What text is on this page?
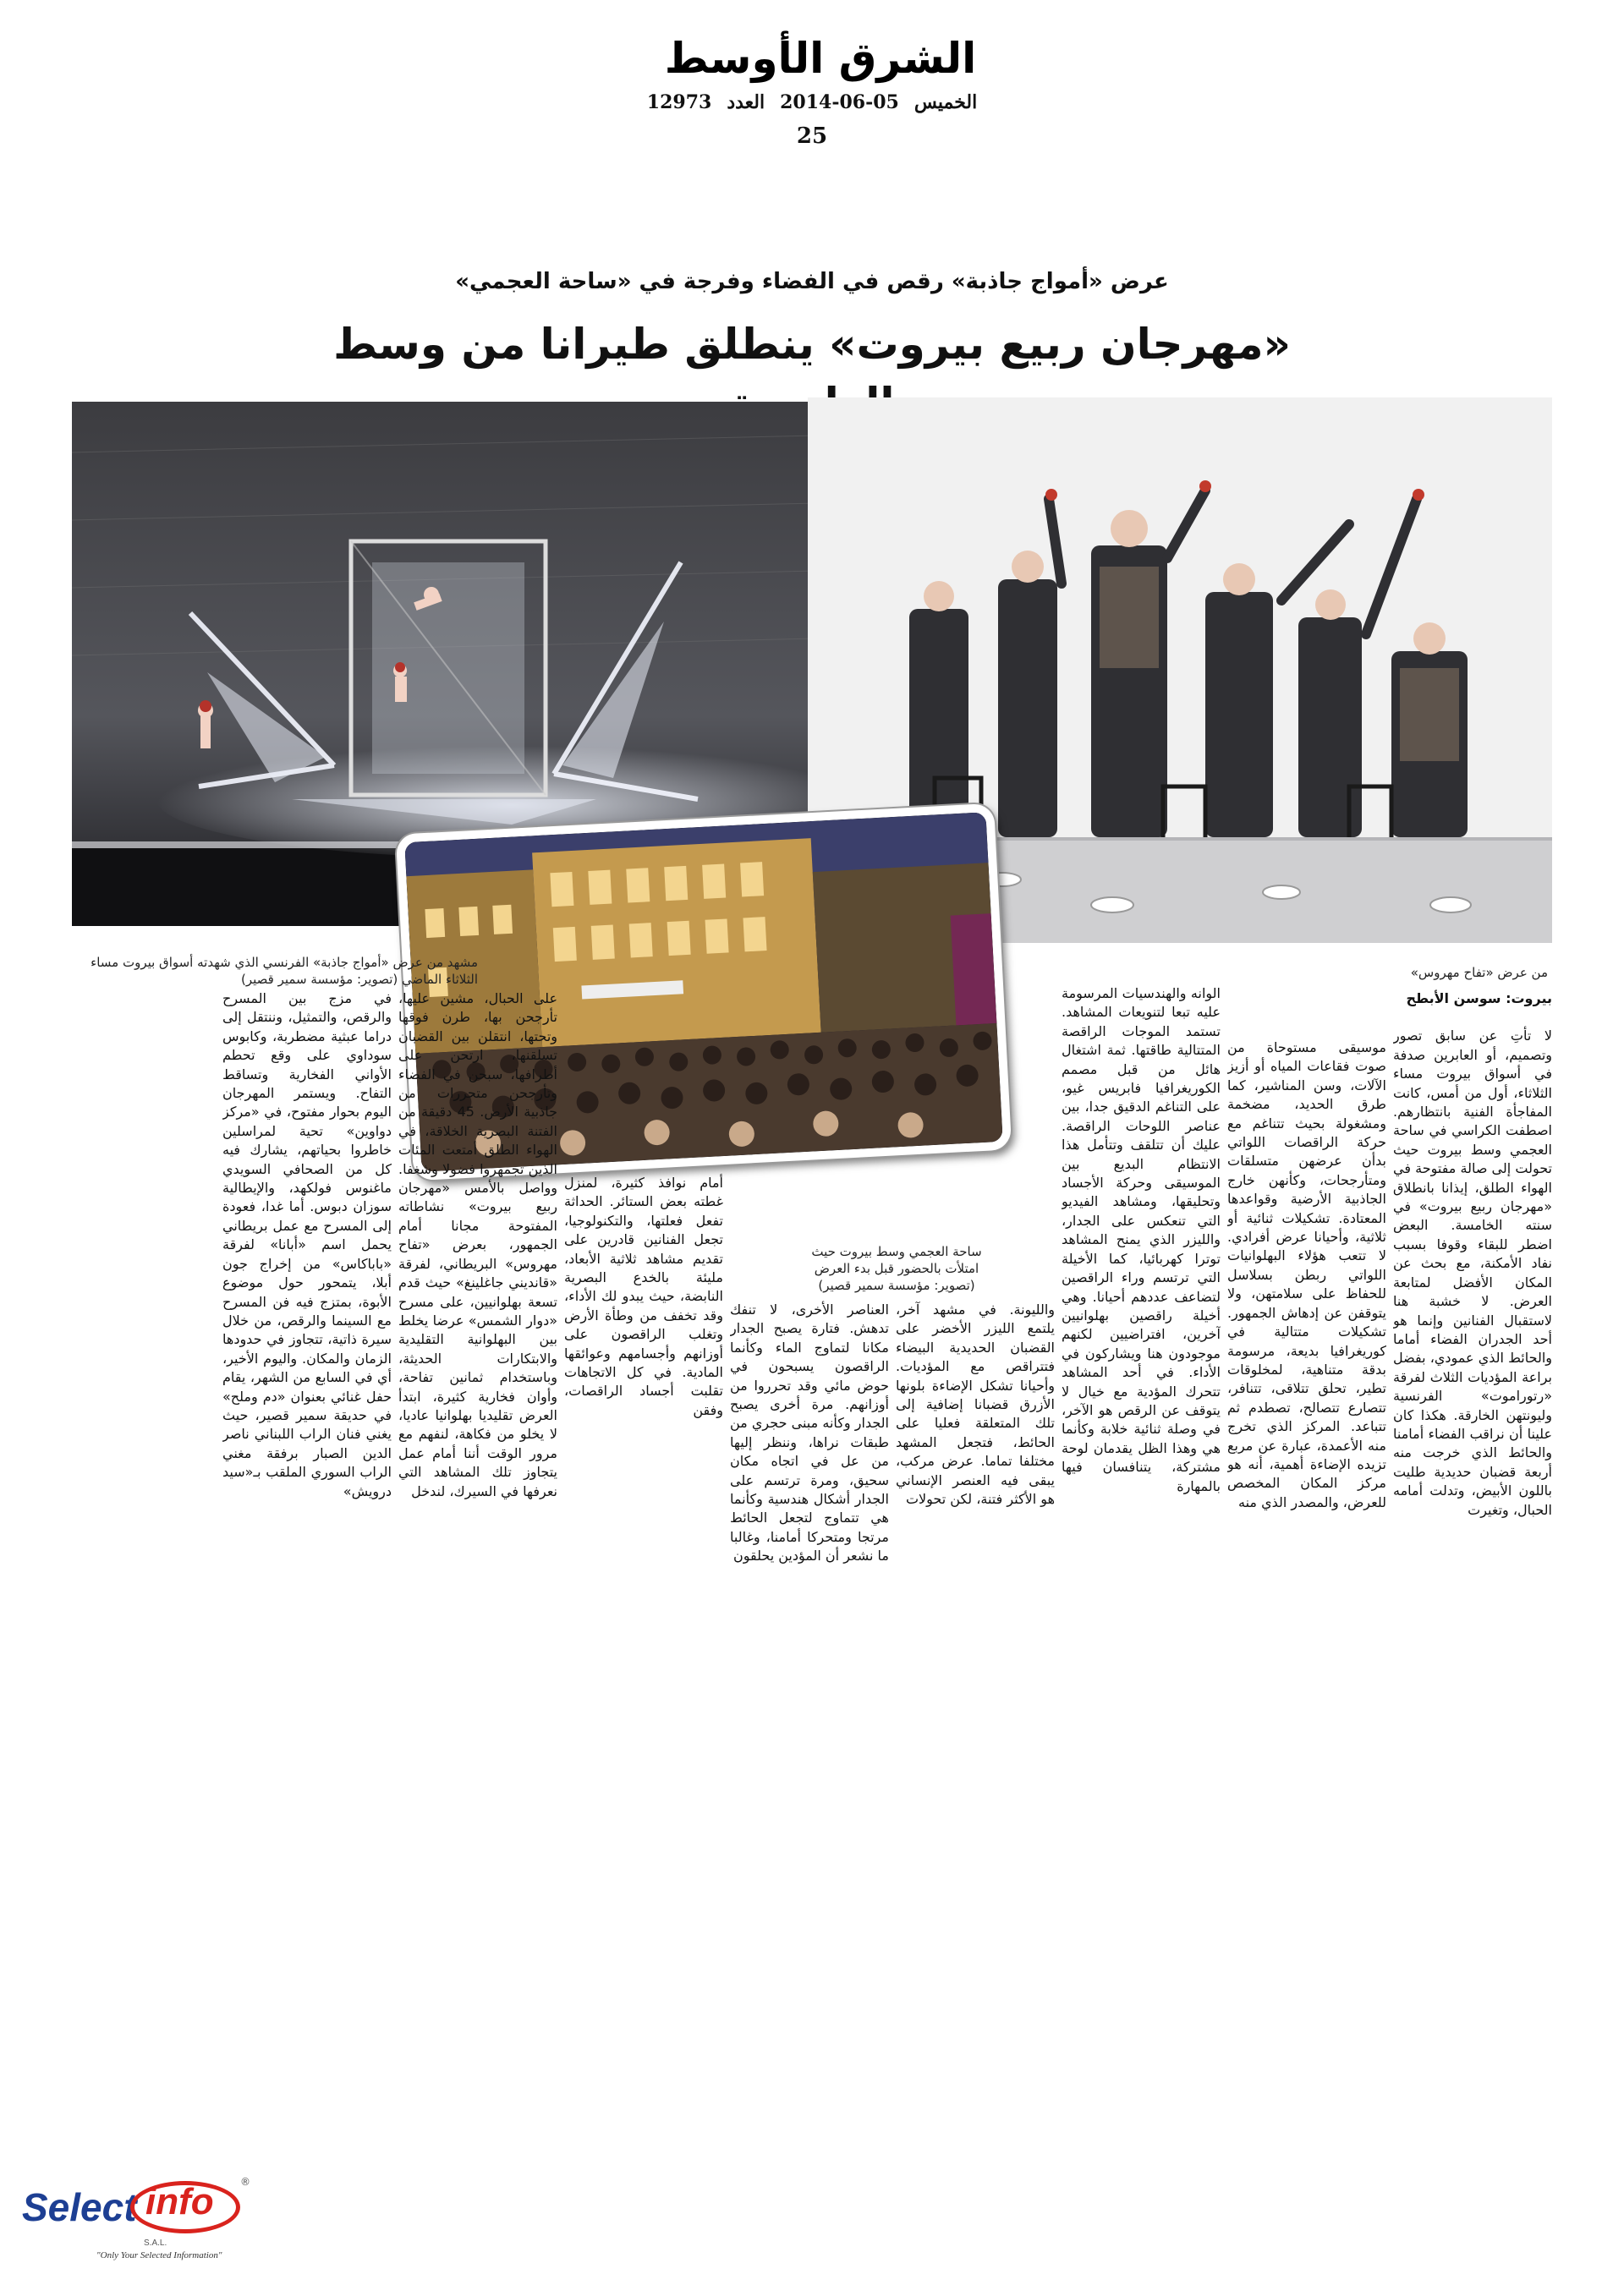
الشرق الأوسط
الخميس
2014-06-05
العدد
12973
25
عرض «أمواج جاذبة» رقص في الفضاء وفرجة في «ساحة العجمي»
«مهرجان ربيع بيروت» ينطلق طيرانا من وسط
مشهد من عرض «أمواج جاذبة» الفرنسي الذي شهدته أسواق بيروت مساء الثلاثاء الماضي (تصوير: مؤسسة سمير قصير)	من عرض «تفاح مهروس»
ساحة العجمي وسط بيروت حيث امتلأت بالحضور قبل بدء العرض (تصوير: مؤسسة سمير قصير)
بيروت: سوسن الأبطح
لا تأتِ عن سابق تصور وتصميم، أو العابرين صدفة في أسواق بيروت مساء الثلاثاء، أول من أمس، كانت المفاجأة الفنية بانتظارهم. اصطفت الكراسي في ساحة العجمي وسط بيروت حيث تحولت إلى صالة مفتوحة في الهواء الطلق، إيذانا بانطلاق «مهرجان ربيع بيروت» في سنته الخامسة. البعض اضطر للبقاء وقوفا بسبب نفاد الأمكنة، مع بحث عن المكان الأفضل لمتابعة العرض. لا خشبة هنا لاستقبال الفنانين وإنما هو أحد الجدران الفضاء أماما والحائط الذي عمودي، بفضل براعة المؤديات الثلاث لفرقة «رتوراموت» الفرنسية وليونتهن الخارقة. هكذا كان علينا أن نراقب الفضاء أمامنا والحائط الذي خرجت منه أربعة قضبان حديدية طليت باللون الأبيض، وتدلت أمامه الحبال، وتغيرت
موسيقى مستوحاة من صوت فقاعات المياه أو أزيز الآلات، وسن المناشير، كما طرق الحديد، مضخمة ومشغولة بحيث تتناغم مع حركة الراقصات اللواتي بدأن عرضهن متسلقات ومتأرجحات، وكأنهن خارج الجاذبية الأرضية وقواعدها المعتادة. تشكيلات ثنائية أو ثلاثية، وأحيانا عرض أفرادي. لا تتعب هؤلاء البهلوانيات اللواتي ربطن بسلاسل للحفاظ على سلامتهن، ولا يتوقفن عن إدهاش الجمهور. تشكيلات متتالية في كوريغرافيا بديعة، مرسومة بدقة متناهية، لمخلوقات تطير، تحلق تتلاقى، تتنافر، تتصارع تتصالح، تصطدم ثم تتباعد. المركز الذي تخرج منه الأعمدة، عبارة عن مربع تزيده الإضاءة أهمية، أنه هو مركز المكان المخصص للعرض، والمصدر الذي منه
الوانه والهندسيات المرسومة عليه تبعا لتنويعات المشاهد. تستمد الموجات الراقصة المتتالية طاقتها. ثمة اشتغال هائل من قبل مصمم الكوريغرافيا فابريس غيو، على التناغم الدقيق جدا، بين عناصر اللوحات الراقصة. عليك أن تتلقف وتتأمل هذا الانتظام البديع بين الموسيقى وحركة الأجساد وتحليقها، ومشاهد الفيديو التي تنعكس على الجدار، والليزر الذي يمنح المشاهد توترا كهربائيا، كما الأخيلة التي ترتسم وراء الراقصين لتضاعف عددهم أحيانا. وهي أخيلة راقصين بهلوانيين آخرين، افتراضيين لكنهم موجودون هنا ويشاركون في الأداء. في أحد المشاهد تتحرك المؤدية مع خيال لا يتوقف عن الرقص هو الآخر، في وصلة ثنائية خلابة وكأنما هي وهذا الظل يقدمان لوحة مشتركة، يتنافسان فيها بالمهارة
والليونة. في مشهد آخر، يلتمع الليزر الأخضر على القضبان الحديدية البيضاء فتتراقص مع المؤديات. وأحيانا تشكل الإضاءة بلونها الأزرق قضبانا إضافية إلى تلك المتعلقة فعليا على الحائط، فتجعل المشهد مختلفا تماما. عرض مركب، يبقى فيه العنصر الإنساني هو الأكثر فتنة، لكن تحولات
العناصر الأخرى، لا تنفك تدهش. فتارة يصبح الجدار مكانا لتماوج الماء وكأنما الراقصون يسبحون في حوض مائي وقد تحرروا من أوزانهم. مرة أخرى يصبح الجدار وكأنه مبنى حجري من طبقات نراها، وننظر إليها من عل في اتجاه مكان سحيق، ومرة ترتسم على الجدار أشكال هندسية وكأنما هي تتماوج لتجعل الحائط مرتجا ومتحركا أمامنا، وغالبا ما نشعر أن المؤدين يحلقون
أمام نوافذ كثيرة، لمنزل غطته بعض الستائر. الحداثة تفعل فعلتها، والتكنولوجيا، تجعل الفنانين قادرين على تقديم مشاهد ثلاثية الأبعاد، مليئة بالخدع البصرية النابضة، حيث يبدو لك الأداء، وقد تخفف من وطأة الأرض وتغلب الراقصون على أوزانهم وأجسامهم وعوائقها المادية. في كل الاتجاهات تقلبت أجساد الراقصات، وفقن
على الحبال، مشين عليها، تأرجحن بها، طرن فوقها وتحتها، انتقلن بين القضبان تسلقنها، ارتحن على أطرافها، سبحن في الفضاء وتأرجحن متحررات من جاذبية الأرض. 45 دقيقة من الفتنة البصرية الخلاقة، في الهواء الطلق أمتعت المئات الذين تجمهروا فضولا وشغفا. وواصل بالأمس «مهرجان ربيع بيروت» نشاطاته المفتوحة مجانا أمام الجمهور، بعرض «تفاح مهروس» البريطاني، لفرقة «قانديني جاغلينغ» حيث قدم تسعة بهلوانيين، على مسرح «دوار الشمس» عرضا يخلط بين البهلوانية التقليدية والابتكارات الحديثة، وباستخدام ثمانين تفاحة، وأوان فخارية كثيرة، ابتدأ العرض تقليديا بهلوانيا عاديا، لا يخلو من فكاهة، لنفهم مع مرور الوقت أننا أمام عمل يتجاوز تلك المشاهد التي نعرفها في السيرك، لندخل
في مزج بين المسرح والرقص، والتمثيل، وننتقل إلى دراما عبثية مضطربة، وكابوس سوداوي على وقع تحطم الأواني الفخارية وتساقط التفاح. ويستمر المهرجان اليوم بحوار مفتوح، في «مركز دواوين» تحية لمراسلين خاطروا بحياتهم، يشارك فيه كل من الصحافي السويدي ماغنوس فولكهد، والإيطالية سوزان دبوس. أما غدا، فعودة إلى المسرح مع عمل بريطاني يحمل اسم «أبانا» لفرقة «باباكاس» من إخراج جون أبلا، يتمحور حول موضوع الأبوة، بمتزج فيه فن المسرح مع السينما والرقص، من خلال سيرة ذاتية، تتجاوز في حدودها الزمان والمكان. واليوم الأخير، أي في السابع من الشهر، يقام حفل غنائي بعنوان «دم وملح» في حديقة سمير قصير، حيث يغني فنان الراب اللبناني ناصر الدين الصبار برفقة مغني الراب السوري الملقب بـ«سيد درويش»
Select info	®
S.A.L.
"Only Your Selected Information"
